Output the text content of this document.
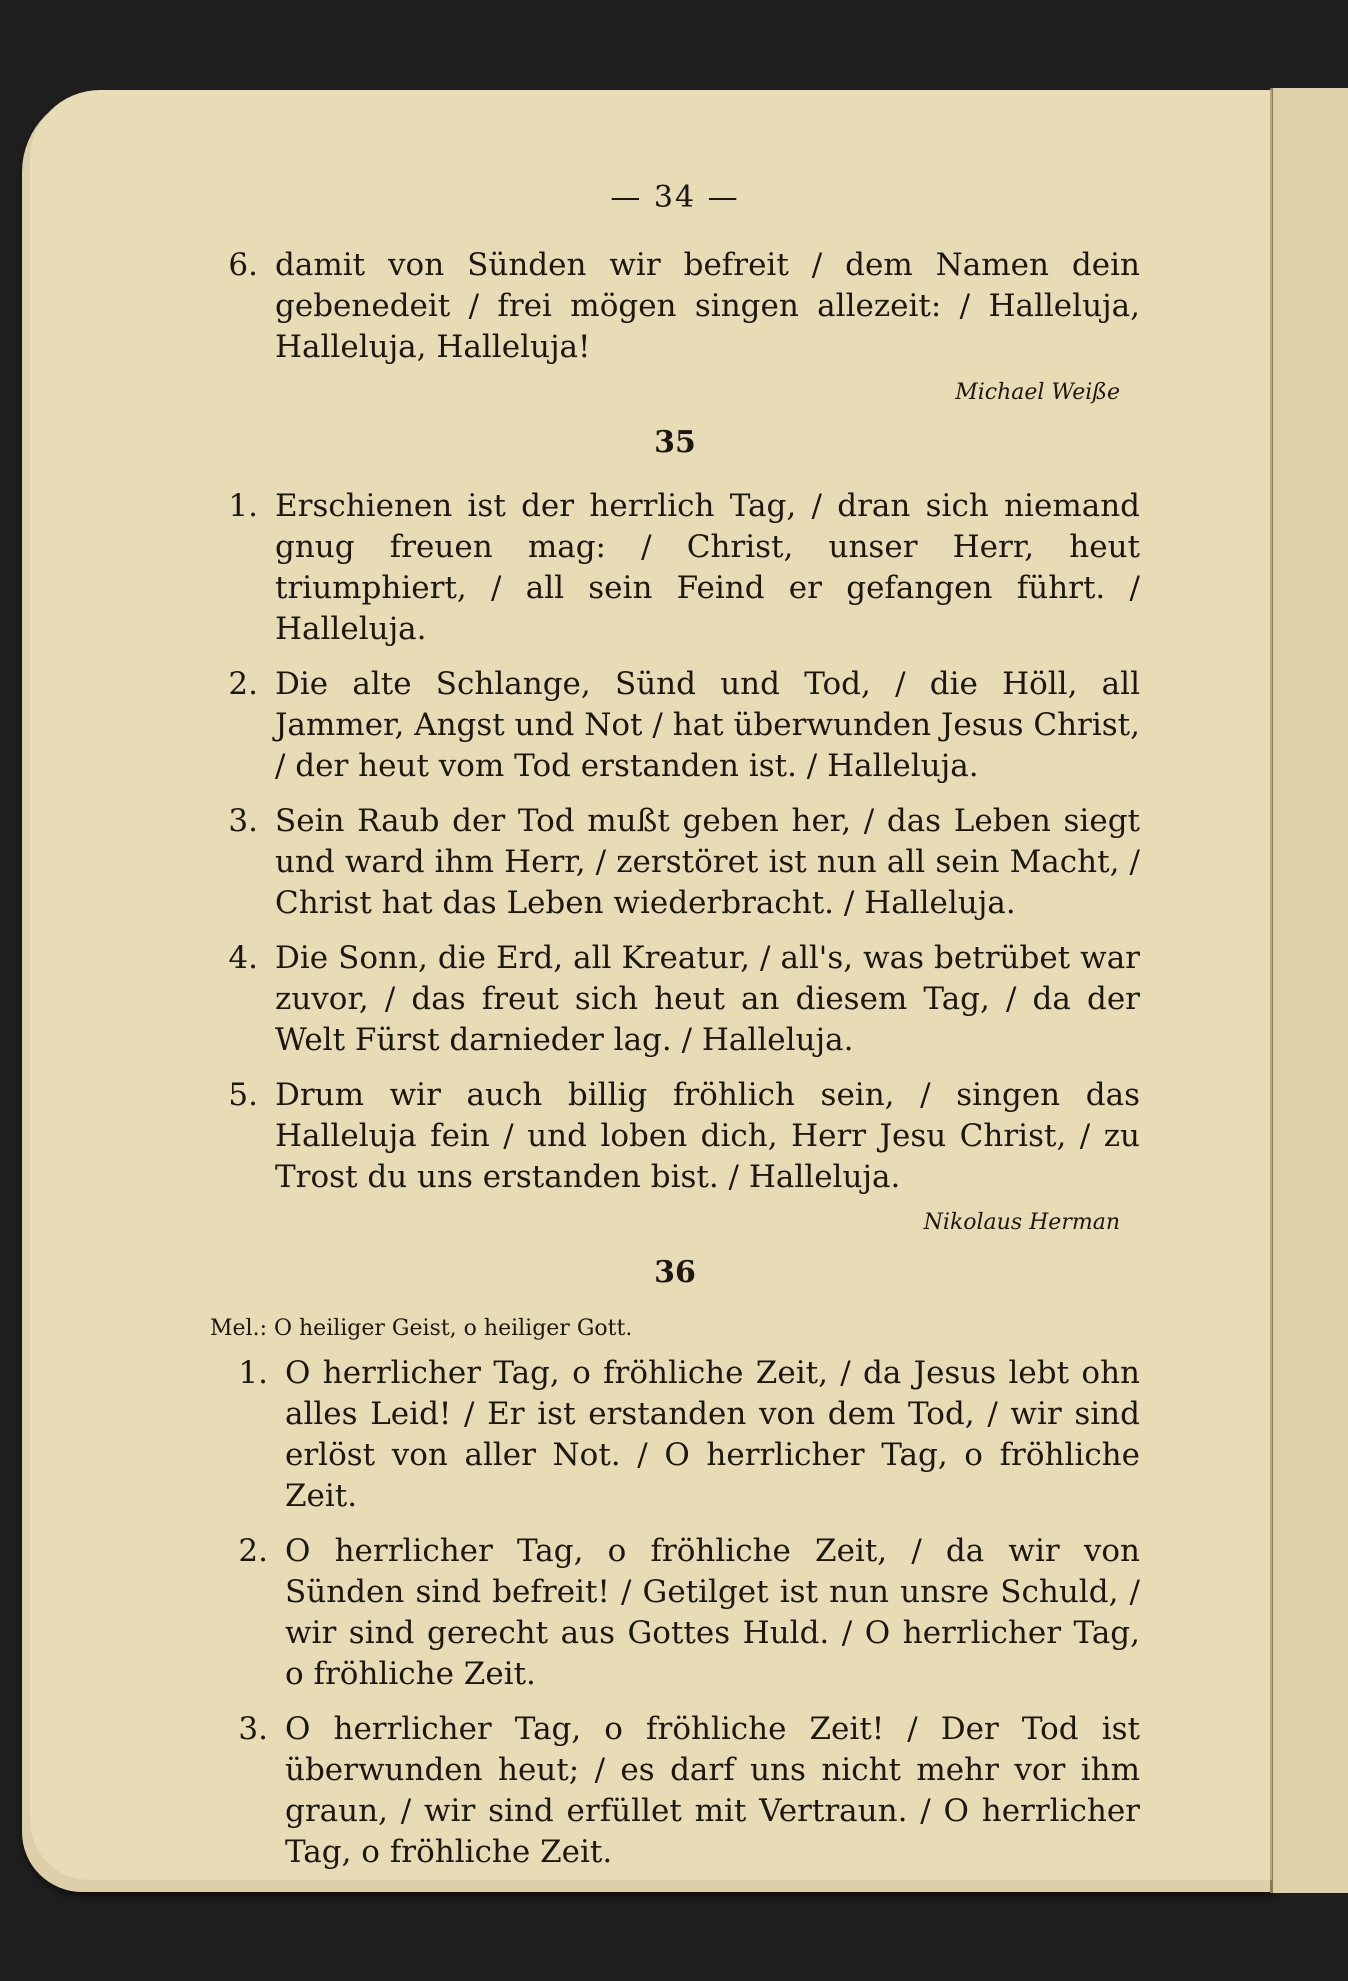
— 34 —
6. damit von Sünden wir befreit / dem Namen dein gebenedeit / frei mögen singen allezeit: / Halleluja, Halleluja, Halleluja!
Michael Weiße
35
1. Erschienen ist der herrlich Tag, / dran sich niemand gnug freuen mag: / Christ, unser Herr, heut triumphiert, / all sein Feind er gefangen führt. / Halleluja.
2. Die alte Schlange, Sünd und Tod, / die Höll, all Jammer, Angst und Not / hat überwunden Jesus Christ, / der heut vom Tod erstanden ist. / Halleluja.
3. Sein Raub der Tod mußt geben her, / das Leben siegt und ward ihm Herr, / zerstöret ist nun all sein Macht, / Christ hat das Leben wiederbracht. / Halleluja.
4. Die Sonn, die Erd, all Kreatur, / all's, was betrübet war zuvor, / das freut sich heut an diesem Tag, / da der Welt Fürst darnieder lag. / Halleluja.
5. Drum wir auch billig fröhlich sein, / singen das Halleluja fein / und loben dich, Herr Jesu Christ, / zu Trost du uns erstanden bist. / Halleluja.
Nikolaus Herman
36
Mel.: O heiliger Geist, o heiliger Gott.
1. O herrlicher Tag, o fröhliche Zeit, / da Jesus lebt ohn alles Leid! / Er ist erstanden von dem Tod, / wir sind erlöst von aller Not. / O herrlicher Tag, o fröhliche Zeit.
2. O herrlicher Tag, o fröhliche Zeit, / da wir von Sünden sind befreit! / Getilget ist nun unsre Schuld, / wir sind gerecht aus Gottes Huld. / O herrlicher Tag, o fröhliche Zeit.
3. O herrlicher Tag, o fröhliche Zeit! / Der Tod ist überwunden heut; / es darf uns nicht mehr vor ihm graun, / wir sind erfüllet mit Vertraun. / O herrlicher Tag, o fröhliche Zeit.
